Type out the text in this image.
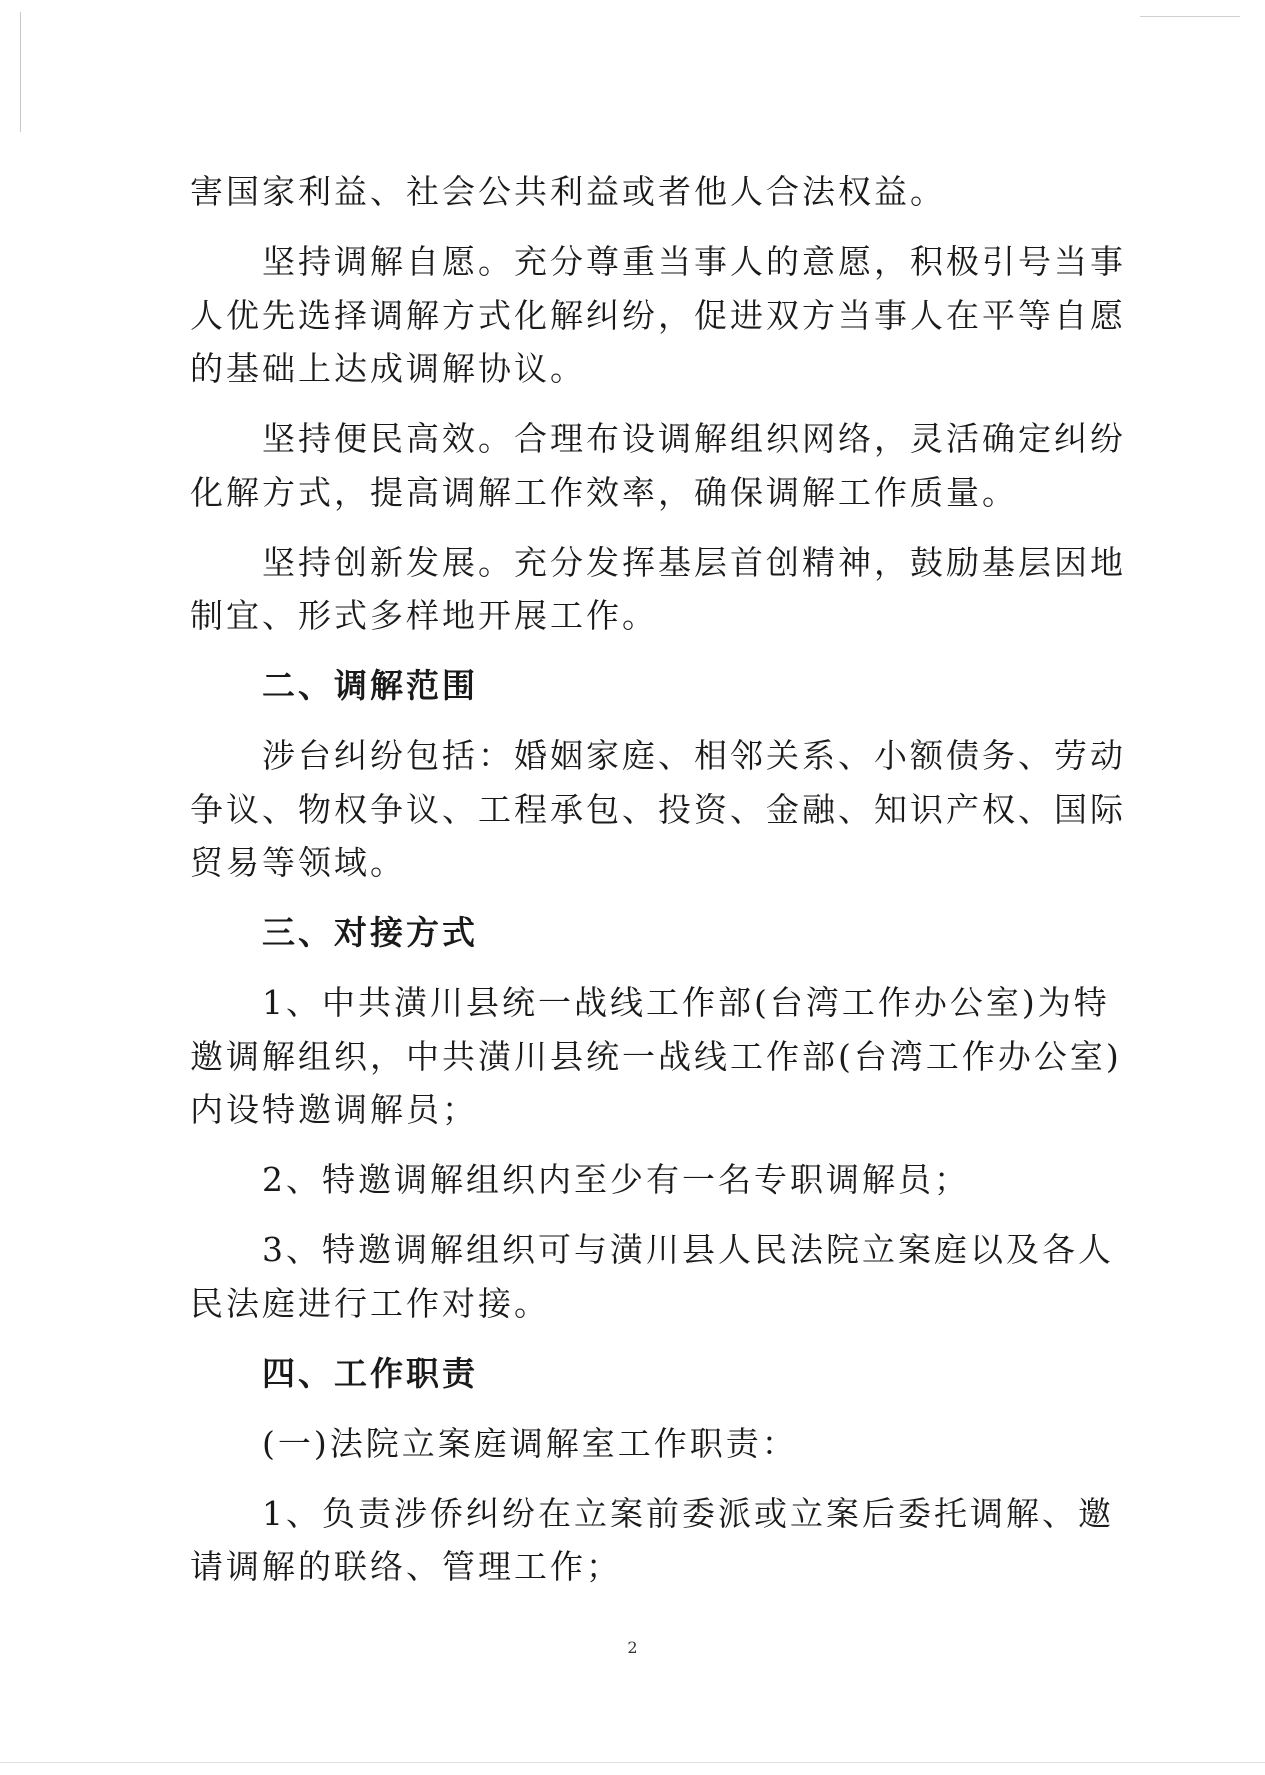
害国家利益、社会公共利益或者他人合法权益。
　　坚持调解自愿。充分尊重当事人的意愿，积极引号当事
人优先选择调解方式化解纠纷，促进双方当事人在平等自愿
的基础上达成调解协议。
　　坚持便民高效。合理布设调解组织网络，灵活确定纠纷
化解方式，提高调解工作效率，确保调解工作质量。
　　坚持创新发展。充分发挥基层首创精神，鼓励基层因地
制宜、形式多样地开展工作。
　　二、调解范围
　　涉台纠纷包括：婚姻家庭、相邻关系、小额债务、劳动
争议、物权争议、工程承包、投资、金融、知识产权、国际
贸易等领域。
　　三、对接方式
　　1、中共潢川县统一战线工作部(台湾工作办公室)为特
邀调解组织，中共潢川县统一战线工作部(台湾工作办公室)
内设特邀调解员；
　　2、特邀调解组织内至少有一名专职调解员；
　　3、特邀调解组织可与潢川县人民法院立案庭以及各人
民法庭进行工作对接。
　　四、工作职责
　　(一)法院立案庭调解室工作职责：
　　1、负责涉侨纠纷在立案前委派或立案后委托调解、邀
请调解的联络、管理工作；
2
